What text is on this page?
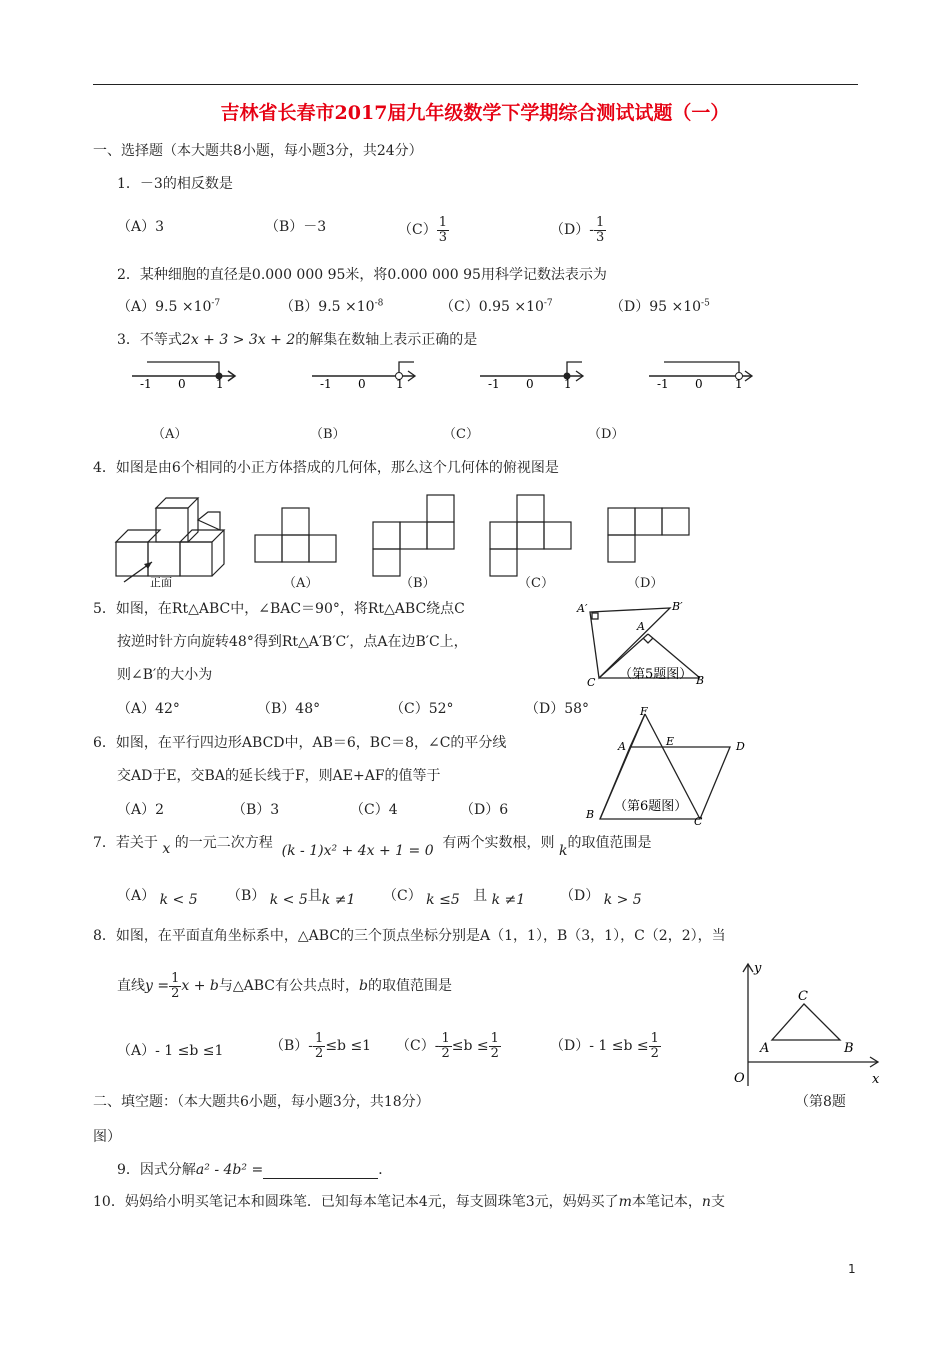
吉林省长春市2017届九年级数学下学期综合测试试题（一）
一、选择题（本大题共8小题，每小题3分，共24分）
1．－3的相反数是
（A）3	（B）－3	$(C) \frac{1}{3}$	$(D)- \frac{1}{3}$
2．某种细胞的直径是0.000 000 95米，将0.000 000 95用科学记数法表示为
$(A)9.5 \times 10^{-7}$	$(B)9.5 \times 10^{-8}$	$(C)0.95 \times 10^{-7}$	$(D)95 \times 10^{-5}$
3．不等式2x + 3 > 3x + 2的解集在数轴上表示正确的是
-1 0	1	-1 0	1	-1 0	1	-1 0	1
（A）	（B）	（C）	（D）
4．如图是由6个相同的小正方体搭成的几何体，那么这个几何体的俯视图是
正面	（A）	（B）	（C）	（D）
5．如图，在Rt△ABC中，∠BAC＝90°，将Rt△ABC绕点C
按逆时针方向旋转48°得到Rt△A′B′C′，点A在边B′C上，
则∠B′的大小为
（A）42°	（B）48°	（C）52°	（D）58°
A′	B′
A
C	B
（第5题图）
6．如图，在平行四边形ABCD中，AB＝6，BC＝8，∠C的平分线
交AD于E，交BA的延长线于F，则AE+AF的值等于
（A）2	（B）3	（C）4	（D）6
F
A	E	D
B
C
（第6题图）
7．若关于 x 的一元二次方程 (k - 1)x² + 4x + 1 = 0 有两个实数根，则 k的取值范围是
（A） k < 5 （B） k < 5且k ≠1 （C） k ≤5 且 k ≠1 （D） k > 5
8．如图，在平面直角坐标系中，△ABC的三个顶点坐标分别是A（1，1），B（3，1），C（2，2），当
直线$y = \frac{1}{2}$ x + b与△ABC有公共点时，b的取值范围是
（A）- 1 ≤b ≤1	$(B)- \frac{1}{2} \le b \le 1$ $(C)- \frac{1}{2} \le b \le \frac{1}{2}$	（D）- $1 \le b \le \frac{1}{2}$
y
x
O
A	B
C
二、填空题：（本大题共6小题，每小题3分，共18分）	（第8题
图）
9．因式分解a² - 4b² =	．
10．妈妈给小明买笔记本和圆珠笔．已知每本笔记本4元，每支圆珠笔3元，妈妈买了m本笔记本，n支
1
